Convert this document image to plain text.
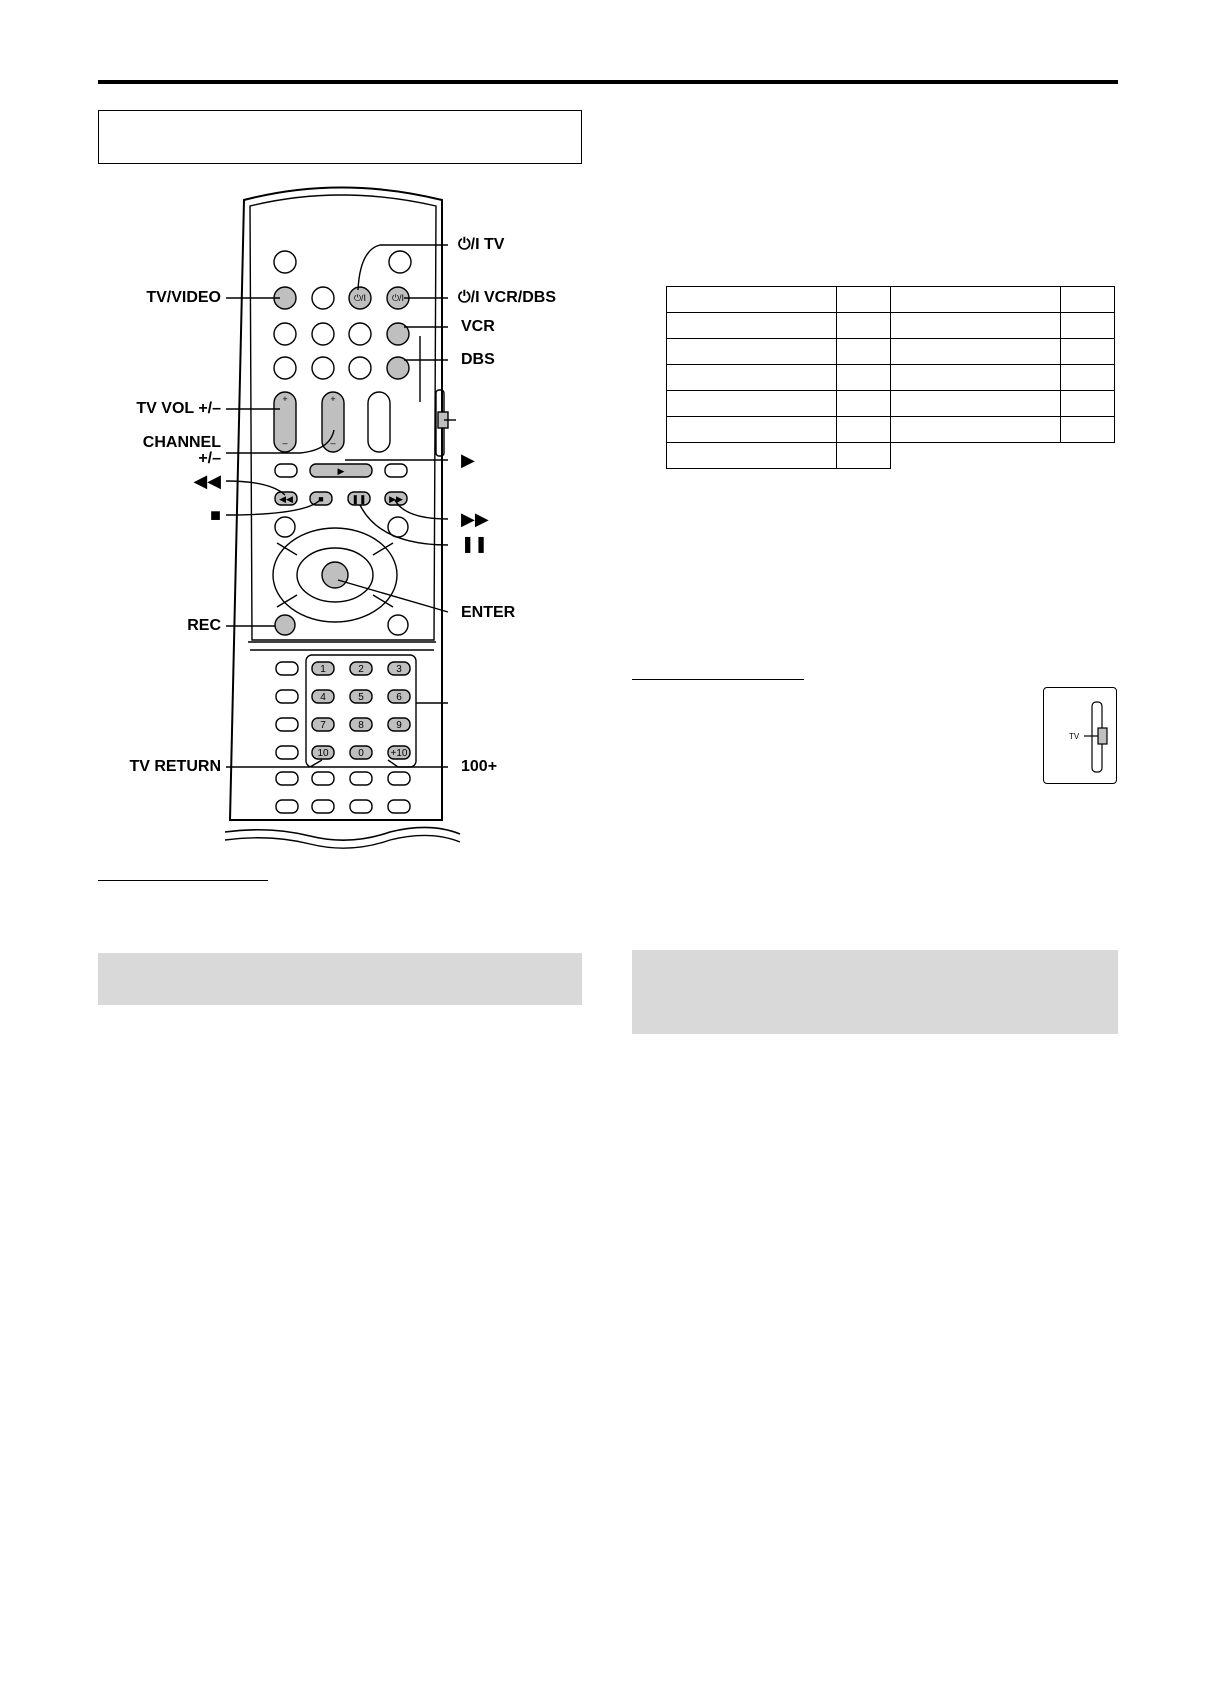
⏻/I	⏻/I
+
–
+
–
▶
◀◀	■	❚❚	▶▶
1	2	3
4	5	6
7	8	9
10	0	+10
⏻/I TV
TV/VIDEO	⏻/I VCR/DBS
VCR
DBS
TV VOL +/–
CHANNEL
+/–	▶
◀◀
■	▶▶
❚❚
ENTER
REC
TV RETURN	100+

TV
